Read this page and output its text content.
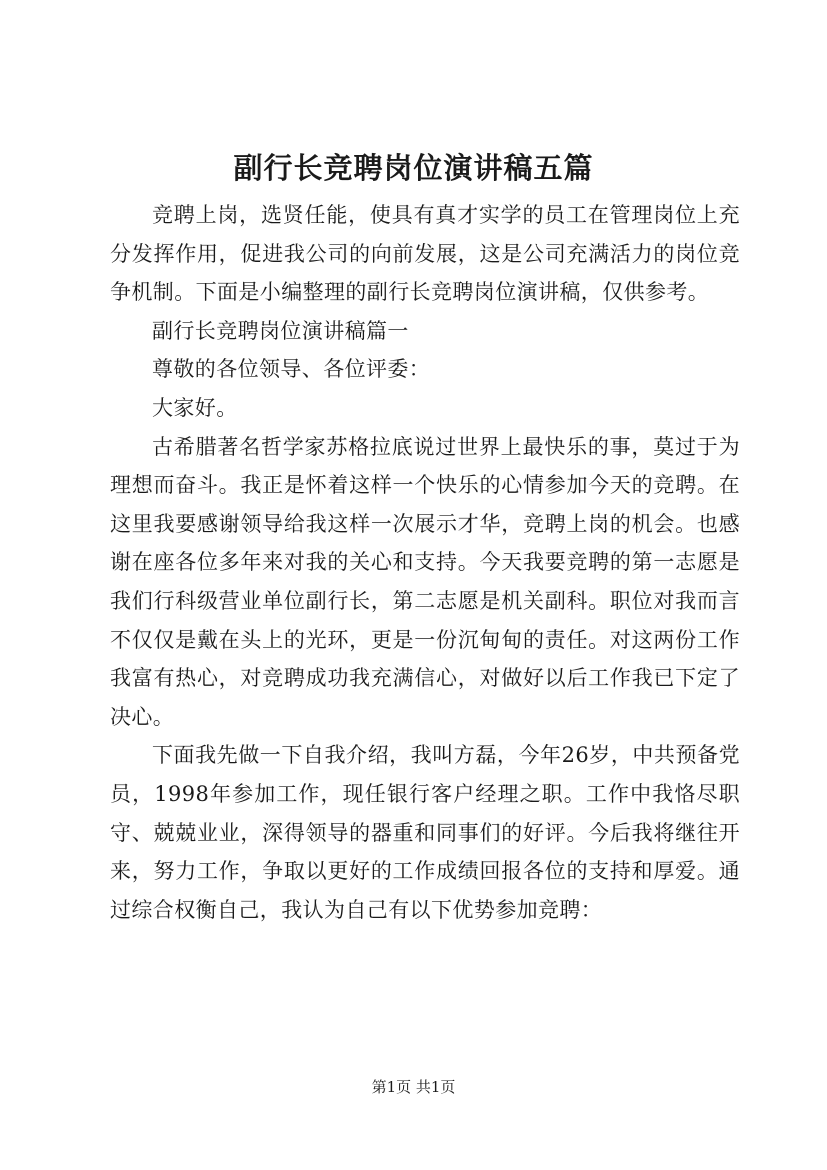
副行长竞聘岗位演讲稿五篇

竞聘上岗，选贤任能，使具有真才实学的员工在管理岗位上充分发挥作用，促进我公司的向前发展，这是公司充满活力的岗位竞争机制。下面是小编整理的副行长竞聘岗位演讲稿，仅供参考。

副行长竞聘岗位演讲稿篇一

尊敬的各位领导、各位评委：

大家好。

古希腊著名哲学家苏格拉底说过世界上最快乐的事，莫过于为理想而奋斗。我正是怀着这样一个快乐的心情参加今天的竞聘。在这里我要感谢领导给我这样一次展示才华，竞聘上岗的机会。也感谢在座各位多年来对我的关心和支持。今天我要竞聘的第一志愿是我们行科级营业单位副行长，第二志愿是机关副科。职位对我而言不仅仅是戴在头上的光环，更是一份沉甸甸的责任。对这两份工作我富有热心，对竞聘成功我充满信心，对做好以后工作我已下定了决心。

下面我先做一下自我介绍，我叫方磊，今年26岁，中共预备党员，1998年参加工作，现任银行客户经理之职。工作中我恪尽职守、兢兢业业，深得领导的器重和同事们的好评。今后我将继往开来，努力工作，争取以更好的工作成绩回报各位的支持和厚爱。通过综合权衡自己，我认为自己有以下优势参加竞聘：

第1页 共1页
